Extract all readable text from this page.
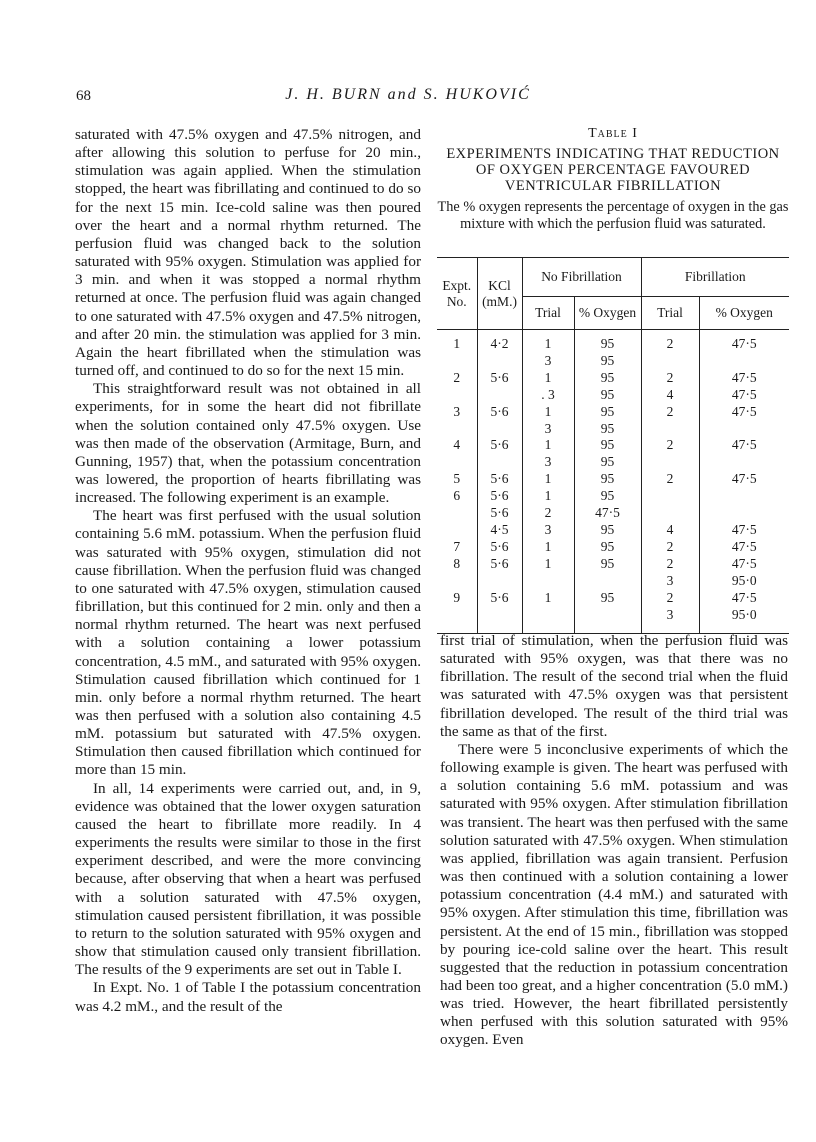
68	J. H. BURN and S. HUKOVIĆ

saturated with 47.5% oxygen and 47.5% nitrogen, and after allowing this solution to perfuse for 20 min., stimulation was again applied. When the stimulation stopped, the heart was fibrillating and continued to do so for the next 15 min. Ice-cold saline was then poured over the heart and a normal rhythm returned. The perfusion fluid was changed back to the solution saturated with 95% oxygen. Stimulation was applied for 3 min. and when it was stopped a normal rhythm returned at once. The perfusion fluid was again changed to one saturated with 47.5% oxygen and 47.5% nitrogen, and after 20 min. the stimulation was applied for 3 min. Again the heart fibrillated when the stimulation was turned off, and continued to do so for the next 15 min.

This straightforward result was not obtained in all experiments, for in some the heart did not fibrillate when the solution contained only 47.5% oxygen. Use was then made of the observation (Armitage, Burn, and Gunning, 1957) that, when the potassium concentration was lowered, the proportion of hearts fibrillating was increased. The following experiment is an example.

The heart was first perfused with the usual solution containing 5.6 mM. potassium. When the perfusion fluid was saturated with 95% oxygen, stimulation did not cause fibrillation. When the perfusion fluid was changed to one saturated with 47.5% oxygen, stimulation caused fibrillation, but this continued for 2 min. only and then a normal rhythm returned. The heart was next perfused with a solution containing a lower potassium concentration, 4.5 mM., and saturated with 95% oxygen. Stimulation caused fibrillation which continued for 1 min. only before a normal rhythm returned. The heart was then perfused with a solution also containing 4.5 mM. potassium but saturated with 47.5% oxygen. Stimulation then caused fibrillation which continued for more than 15 min.

In all, 14 experiments were carried out, and, in 9, evidence was obtained that the lower oxygen saturation caused the heart to fibrillate more readily. In 4 experiments the results were similar to those in the first experiment described, and were the more convincing because, after observing that when a heart was perfused with a solution saturated with 47.5% oxygen, stimulation caused persistent fibrillation, it was possible to return to the solution saturated with 95% oxygen and show that stimulation caused only transient fibrillation. The results of the 9 experiments are set out in Table I.

In Expt. No. 1 of Table I the potassium concentration was 4.2 mM., and the result of the

Table I
EXPERIMENTS INDICATING THAT REDUCTION OF OXYGEN PERCENTAGE FAVOURED VENTRICULAR FIBRILLATION
The % oxygen represents the percentage of oxygen in the gas mixture with which the perfusion fluid was saturated.
Expt. No.	KCl (mM.)	No Fibrillation		Fibrillation	
		Trial	% Oxygen	Trial	% Oxygen
1	4·2	1	95	2	47·5
		3	95		
2	5·6	1	95	2	47·5
		. 3	95	4	47·5
3	5·6	1	95	2	47·5
		3	95		
4	5·6	1	95	2	47·5
		3	95		
5	5·6	1	95	2	47·5
6	5·6	1	95		
	5·6	2	47·5		
	4·5	3	95	4	47·5
7	5·6	1	95	2	47·5
8	5·6	1	95	2	47·5
				3	95·0
9	5·6	1	95	2	47·5
				3	95·0

first trial of stimulation, when the perfusion fluid was saturated with 95% oxygen, was that there was no fibrillation. The result of the second trial when the fluid was saturated with 47.5% oxygen was that persistent fibrillation developed. The result of the third trial was the same as that of the first.

There were 5 inconclusive experiments of which the following example is given. The heart was perfused with a solution containing 5.6 mM. potassium and was saturated with 95% oxygen. After stimulation fibrillation was transient. The heart was then perfused with the same solution saturated with 47.5% oxygen. When stimulation was applied, fibrillation was again transient. Perfusion was then continued with a solution containing a lower potassium concentration (4.4 mM.) and saturated with 95% oxygen. After stimulation this time, fibrillation was persistent. At the end of 15 min., fibrillation was stopped by pouring ice-cold saline over the heart. This result suggested that the reduction in potassium concentration had been too great, and a higher concentration (5.0 mM.) was tried. However, the heart fibrillated persistently when perfused with this solution saturated with 95% oxygen. Even
